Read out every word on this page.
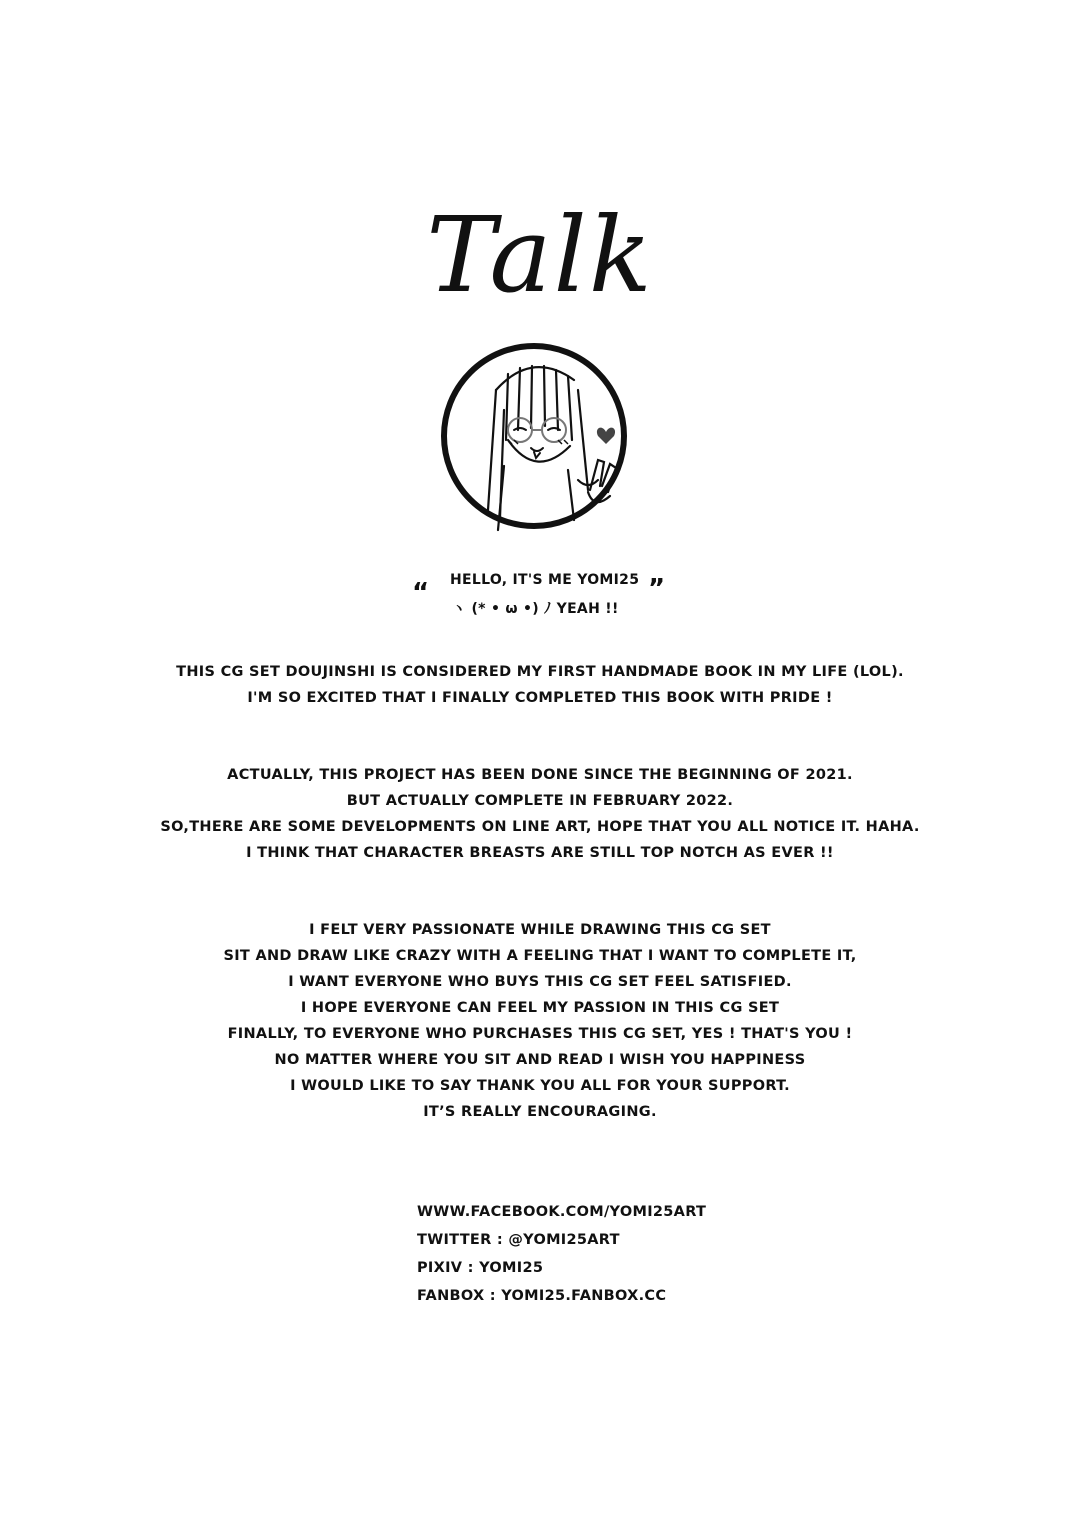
Talk
“ HELLO, IT'S ME YOMI25
ヽ (* • ω •) ﾉ YEAH !!
”
THIS CG SET DOUJINSHI IS CONSIDERED MY FIRST HANDMADE BOOK IN MY LIFE (LOL).
I'M SO EXCITED THAT I FINALLY COMPLETED THIS BOOK WITH PRIDE !
ACTUALLY, THIS PROJECT HAS BEEN DONE SINCE THE BEGINNING OF 2021.
BUT ACTUALLY COMPLETE IN FEBRUARY 2022.
SO,THERE ARE SOME DEVELOPMENTS ON LINE ART, HOPE THAT YOU ALL NOTICE IT. HAHA.
I THINK THAT CHARACTER BREASTS ARE STILL TOP NOTCH AS EVER !!
I FELT VERY PASSIONATE WHILE DRAWING THIS CG SET
SIT AND DRAW LIKE CRAZY WITH A FEELING THAT I WANT TO COMPLETE IT,
I WANT EVERYONE WHO BUYS THIS CG SET FEEL SATISFIED.
I HOPE EVERYONE CAN FEEL MY PASSION IN THIS CG SET
FINALLY, TO EVERYONE WHO PURCHASES THIS CG SET, YES ! THAT'S YOU !
NO MATTER WHERE YOU SIT AND READ I WISH YOU HAPPINESS
I WOULD LIKE TO SAY THANK YOU ALL FOR YOUR SUPPORT.
IT’S REALLY ENCOURAGING.
WWW.FACEBOOK.COM/YOMI25ART
TWITTER : @YOMI25ART
PIXIV : YOMI25
FANBOX : YOMI25.FANBOX.CC
